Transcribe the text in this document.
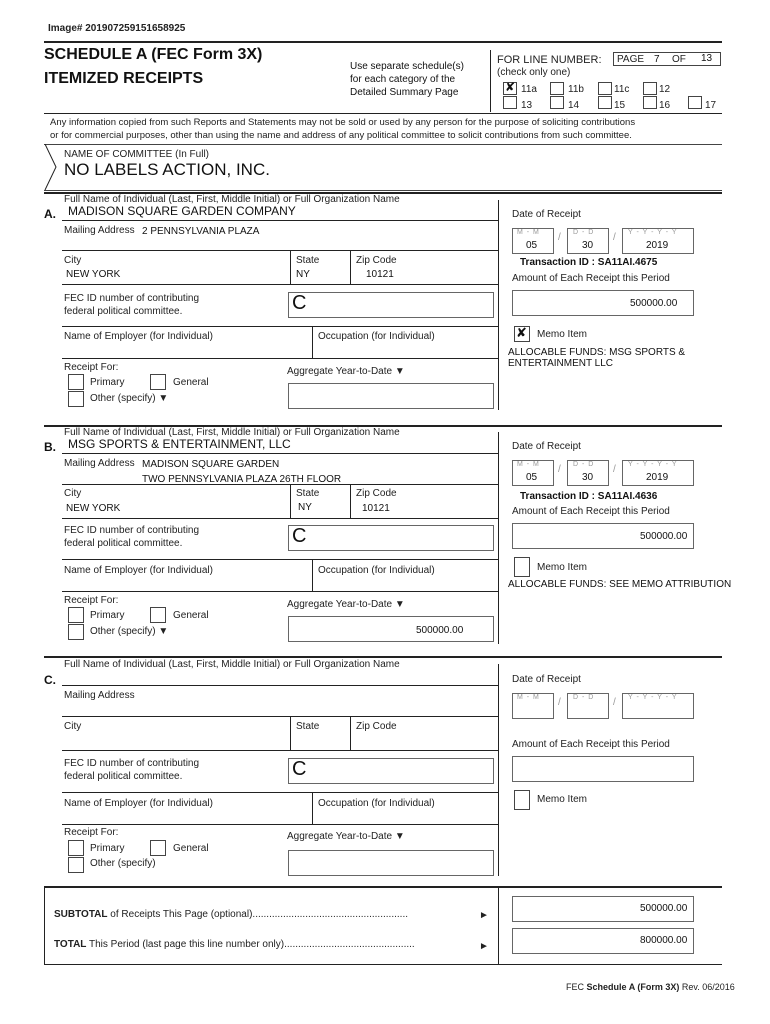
Image# 201907259151658925
SCHEDULE A (FEC Form 3X)
ITEMIZED RECEIPTS
Use separate schedule(s)
for each category of the
Detailed Summary Page
FOR LINE NUMBER:
(check only one)
PAGE 7 OF 13
✘ 11a	11b	11c	12
13	14	15	16	17
Any information copied from such Reports and Statements may not be sold or used by any person for the purpose of soliciting contributions
or for commercial purposes, other than using the name and address of any political committee to solicit contributions from such committee.
NAME OF COMMITTEE (In Full)
NO LABELS ACTION, INC.
Full Name of Individual (Last, First, Middle Initial) or Full Organization Name
A. MADISON SQUARE GARDEN COMPANY
Mailing Address 2 PENNSYLVANIA PLAZA
City
NEW YORK
State
NY
Zip Code
10121
FEC ID number of contributing
federal political committee.	C
Name of Employer (for Individual)	Occupation (for Individual)
Receipt For:
Primary	General
Other (specify) ▼
Aggregate Year-to-Date ▼
Date of Receipt
M - M
05
/ D - D
30
/ Y - Y - Y - Y
2019
Transaction ID : SA11AI.4675
Amount of Each Receipt this Period
500000.00
✘ Memo Item
ALLOCABLE FUNDS: MSG SPORTS &
ENTERTAINMENT LLC
Full Name of Individual (Last, First, Middle Initial) or Full Organization Name
B. MSG SPORTS & ENTERTAINMENT, LLC
Mailing Address MADISON SQUARE GARDEN
TWO PENNSYLVANIA PLAZA 26TH FLOOR
City
NEW YORK
State
NY
Zip Code
10121
FEC ID number of contributing
federal political committee.	C
Name of Employer (for Individual)	Occupation (for Individual)
Receipt For:
Primary	General
Other (specify) ▼
Aggregate Year-to-Date ▼
500000.00
Date of Receipt
M - M
05
/ D - D
30
/ Y - Y - Y - Y
2019
Transaction ID : SA11AI.4636
Amount of Each Receipt this Period
500000.00
Memo Item
ALLOCABLE FUNDS: SEE MEMO ATTRIBUTION
Full Name of Individual (Last, First, Middle Initial) or Full Organization Name
C.
Mailing Address
City	State	Zip Code
FEC ID number of contributing
federal political committee.	C
Name of Employer (for Individual)	Occupation (for Individual)
Receipt For:
Primary	General
Other (specify)
Aggregate Year-to-Date ▼
Date of Receipt
M - M / D - D / Y - Y - Y - Y
Amount of Each Receipt this Period
Memo Item
SUBTOTAL of Receipts This Page (optional)........................................................	►
500000.00
TOTAL This Period (last page this line number only)...............................................	►
800000.00
FEC Schedule A (Form 3X) Rev. 06/2016
